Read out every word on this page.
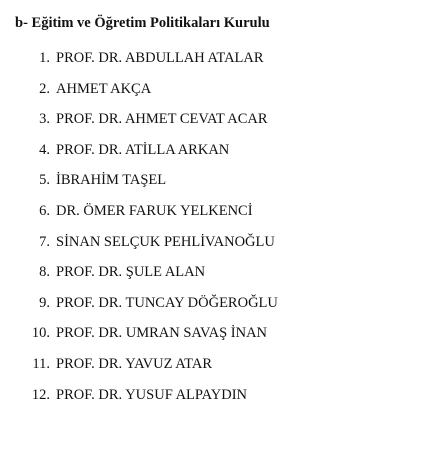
b- Eğitim ve Öğretim Politikaları Kurulu
1. PROF. DR. ABDULLAH ATALAR
2. AHMET AKÇA
3. PROF. DR. AHMET CEVAT ACAR
4. PROF. DR. ATİLLA ARKAN
5. İBRAHİM TAŞEL
6. DR. ÖMER FARUK YELKENCİ
7. SİNAN SELÇUK PEHLİVANOĞLU
8. PROF. DR. ŞULE ALAN
9. PROF. DR. TUNCAY DÖĞEROĞLU
10. PROF. DR. UMRAN SAVAŞ İNAN
11. PROF. DR. YAVUZ ATAR
12. PROF. DR. YUSUF ALPAYDIN
